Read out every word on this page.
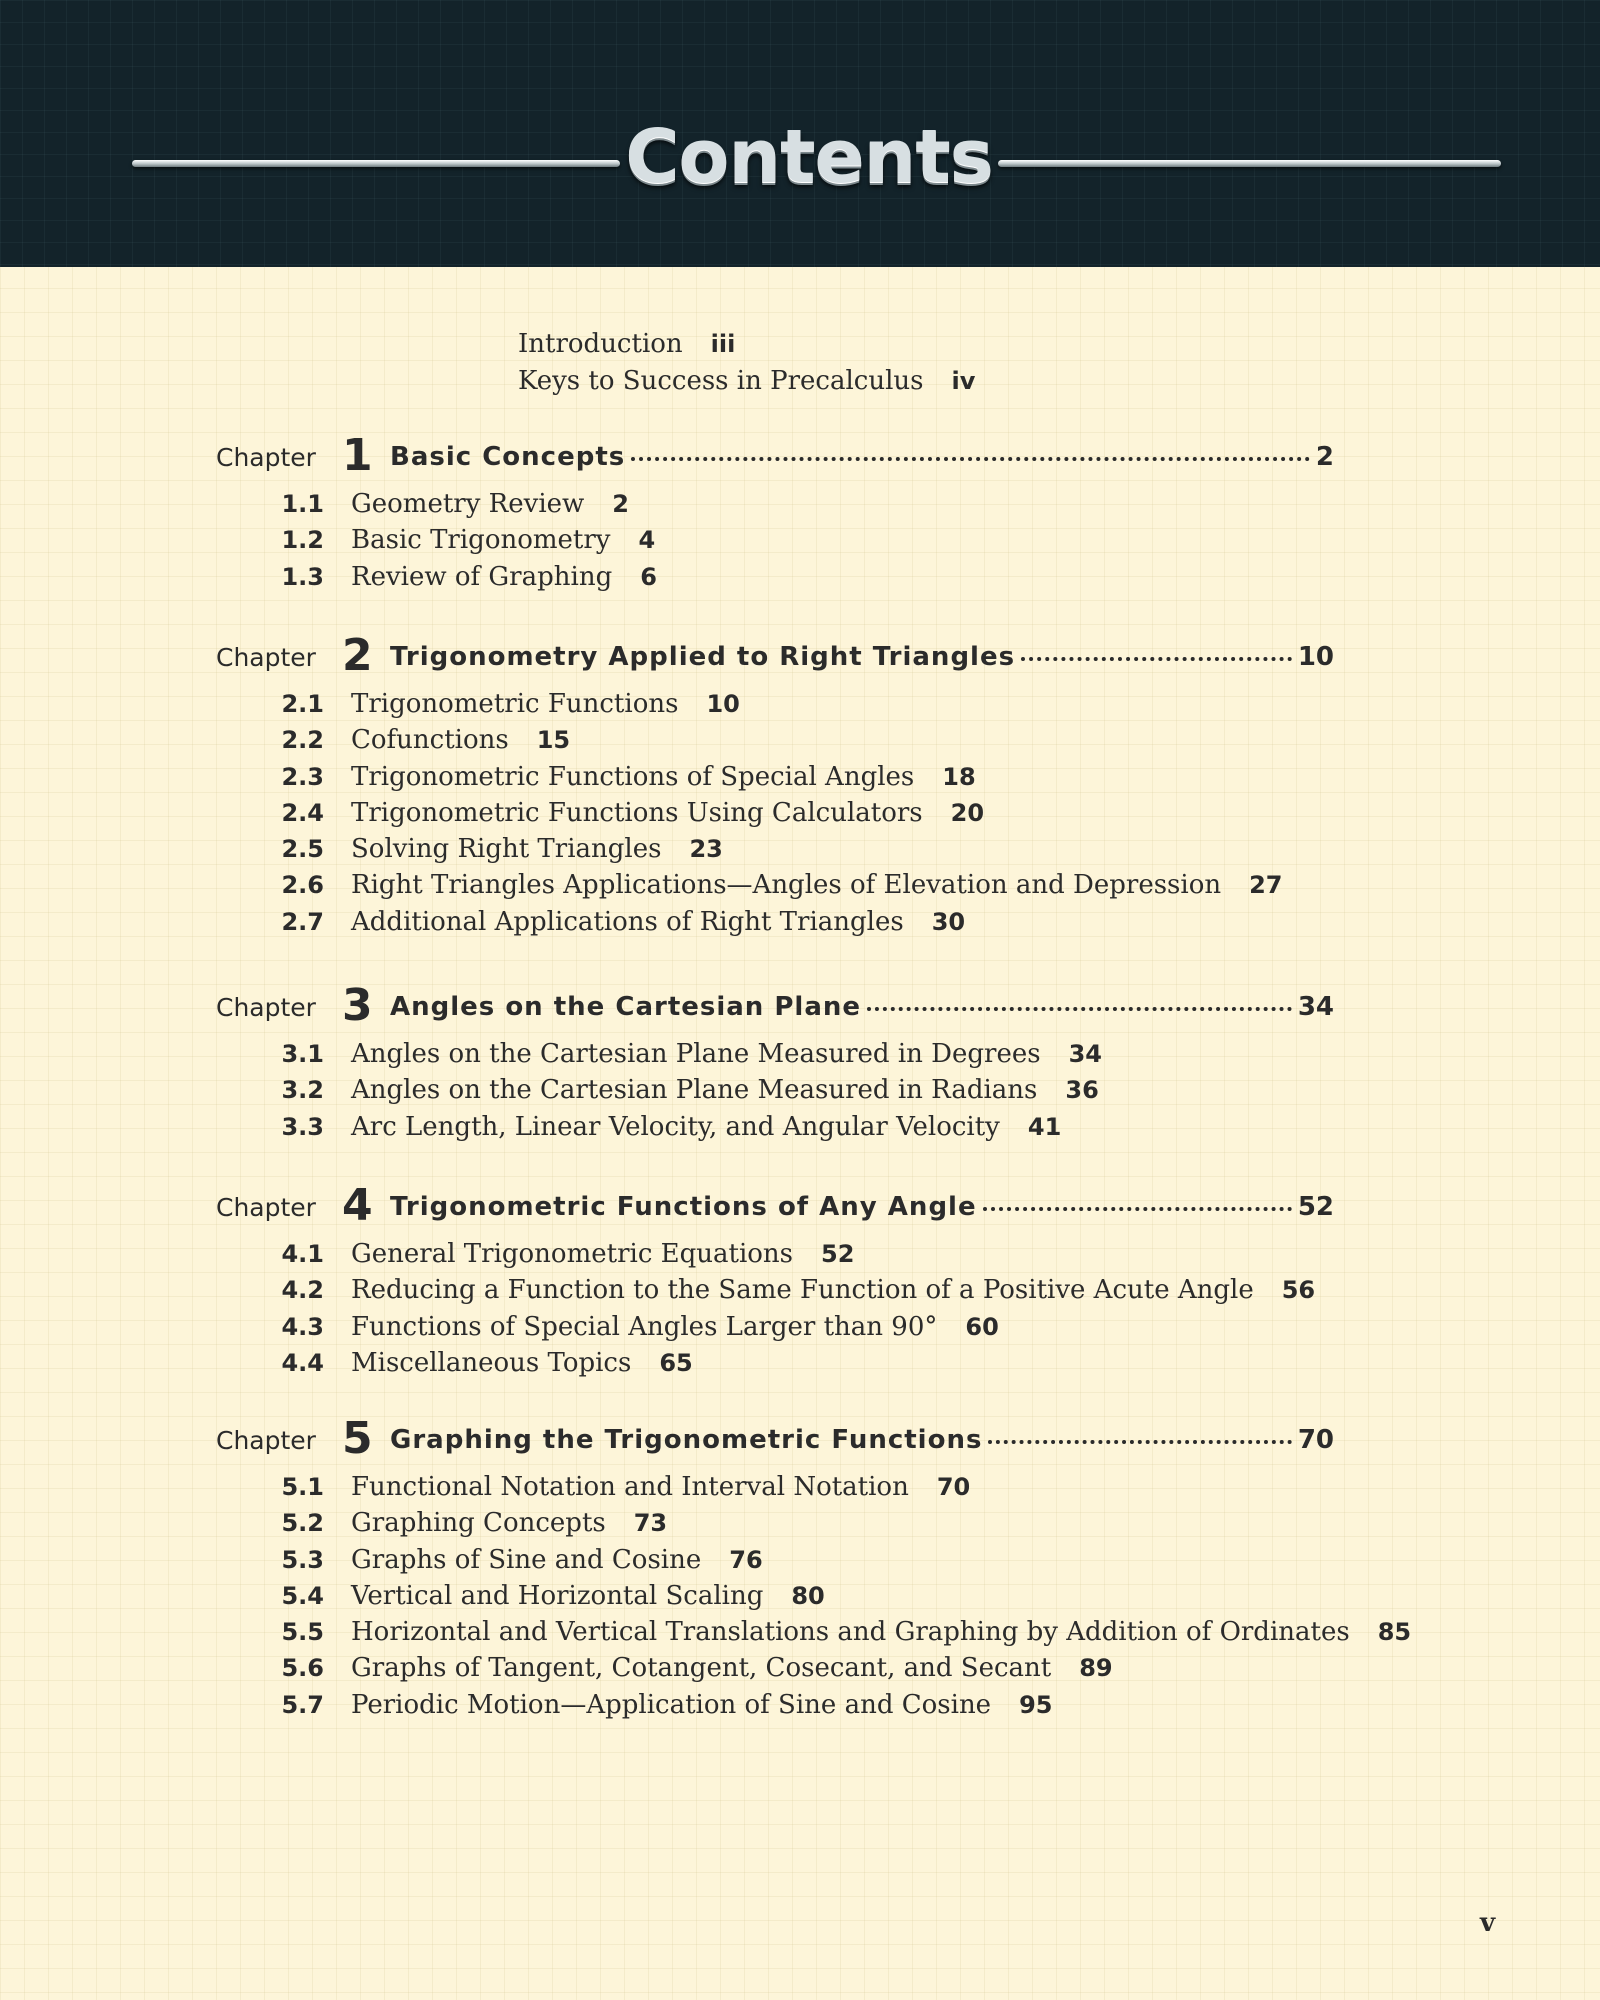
Contents
Introduction iii
Keys to Success in Precalculus iv
Chapter 1 Basic Concepts	2
1.1 Geometry Review 2
1.2 Basic Trigonometry 4
1.3 Review of Graphing 6
Chapter 2 Trigonometry Applied to Right Triangles	10
2.1 Trigonometric Functions 10
2.2 Cofunctions 15
2.3 Trigonometric Functions of Special Angles 18
2.4 Trigonometric Functions Using Calculators 20
2.5 Solving Right Triangles 23
2.6 Right Triangles Applications—Angles of Elevation and Depression 27
2.7 Additional Applications of Right Triangles 30
Chapter 3 Angles on the Cartesian Plane	34
3.1 Angles on the Cartesian Plane Measured in Degrees 34
3.2 Angles on the Cartesian Plane Measured in Radians 36
3.3 Arc Length, Linear Velocity, and Angular Velocity 41
Chapter 4 Trigonometric Functions of Any Angle	52
4.1 General Trigonometric Equations 52
4.2 Reducing a Function to the Same Function of a Positive Acute Angle 56
4.3 Functions of Special Angles Larger than 90° 60
4.4 Miscellaneous Topics 65
Chapter 5 Graphing the Trigonometric Functions	70
5.1 Functional Notation and Interval Notation 70
5.2 Graphing Concepts 73
5.3 Graphs of Sine and Cosine 76
5.4 Vertical and Horizontal Scaling 80
5.5 Horizontal and Vertical Translations and Graphing by Addition of Ordinates 85
5.6 Graphs of Tangent, Cotangent, Cosecant, and Secant 89
5.7 Periodic Motion—Application of Sine and Cosine 95
v
